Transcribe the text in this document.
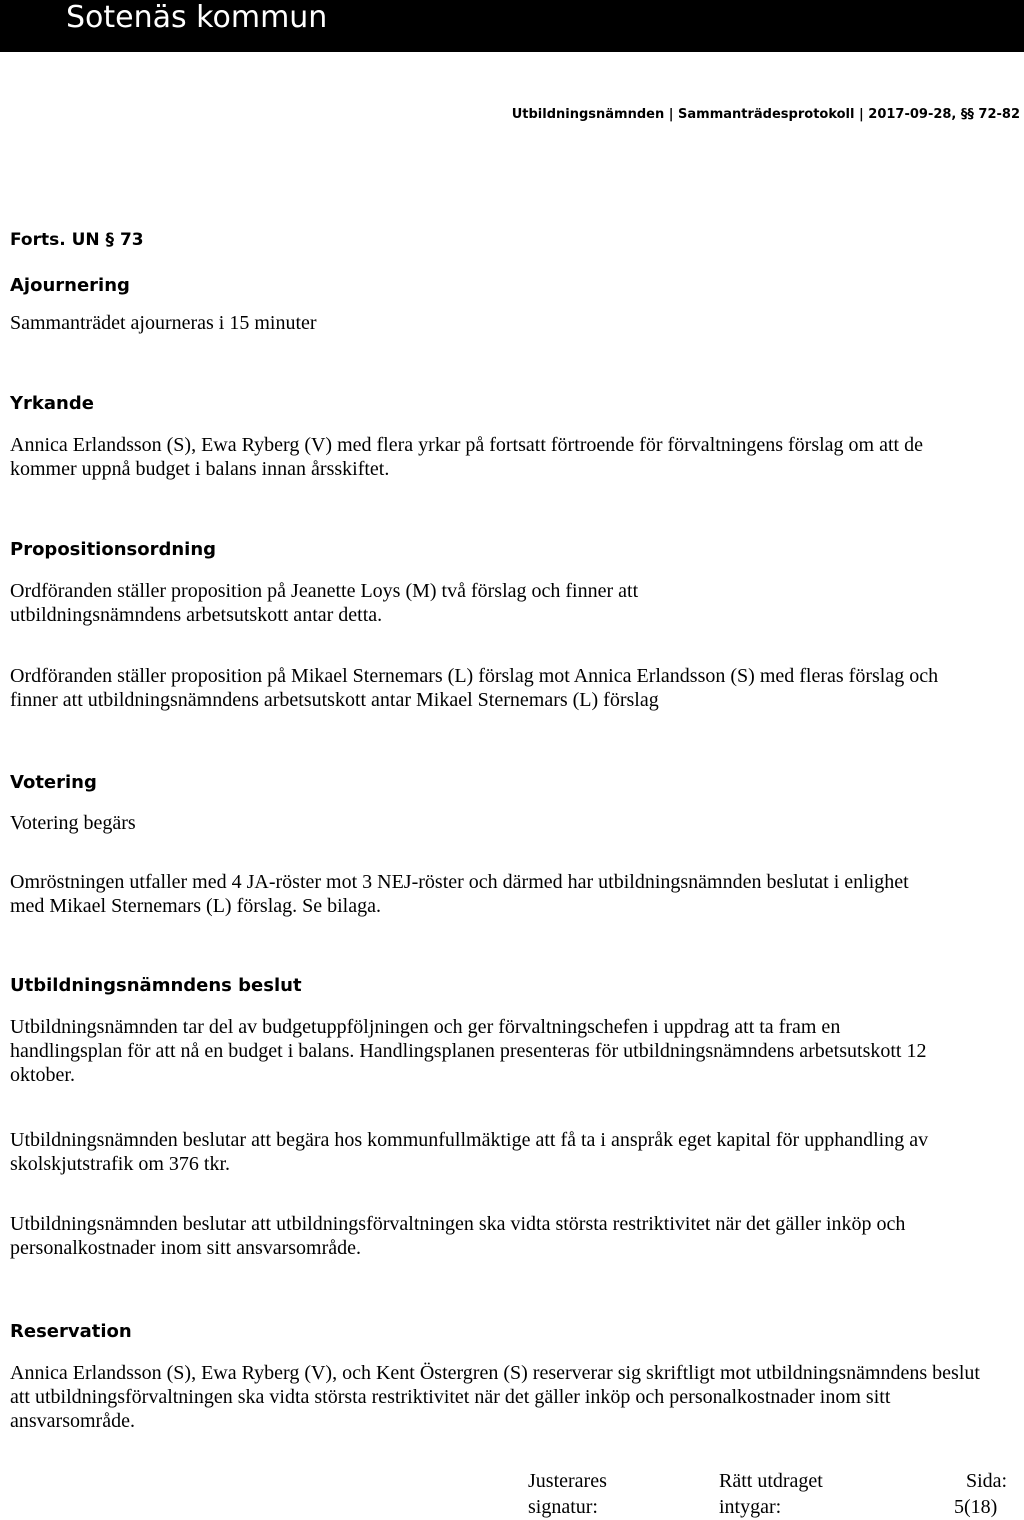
Sotenäs kommun
Utbildningsnämnden | Sammanträdesprotokoll | 2017-09-28, §§ 72-82
Forts. UN § 73
Ajournering
Sammanträdet ajourneras i 15 minuter
Yrkande
Annica Erlandsson (S), Ewa Ryberg (V) med flera yrkar på fortsatt förtroende för förvaltningens förslag om att de kommer uppnå budget i balans innan årsskiftet.
Propositionsordning
Ordföranden ställer proposition på Jeanette Loys (M) två förslag och finner att utbildningsnämndens arbetsutskott antar detta.
Ordföranden ställer proposition på Mikael Sternemars (L) förslag mot Annica Erlandsson (S) med fleras förslag och finner att utbildningsnämndens arbetsutskott antar Mikael Sternemars (L) förslag
Votering
Votering begärs
Omröstningen utfaller med 4 JA-röster mot 3 NEJ-röster och därmed har utbildningsnämnden beslutat i enlighet med Mikael Sternemars (L) förslag. Se bilaga.
Utbildningsnämndens beslut
Utbildningsnämnden tar del av budgetuppföljningen och ger förvaltningschefen i uppdrag att ta fram en handlingsplan för att nå en budget i balans. Handlingsplanen presenteras för utbildningsnämndens arbetsutskott 12 oktober.
Utbildningsnämnden beslutar att begära hos kommunfullmäktige att få ta i anspråk eget kapital för upphandling av skolskjutstrafik om 376 tkr.
Utbildningsnämnden beslutar att utbildningsförvaltningen ska vidta största restriktivitet när det gäller inköp och personalkostnader inom sitt ansvarsområde.
Reservation
Annica Erlandsson (S), Ewa Ryberg (V), och Kent Östergren (S) reserverar sig skriftligt mot utbildningsnämndens beslut att utbildningsförvaltningen ska vidta största restriktivitet när det gäller inköp och personalkostnader inom sitt ansvarsområde.
Justerares
signatur:
Rätt utdraget
intygar:
Sida:
5(18)
